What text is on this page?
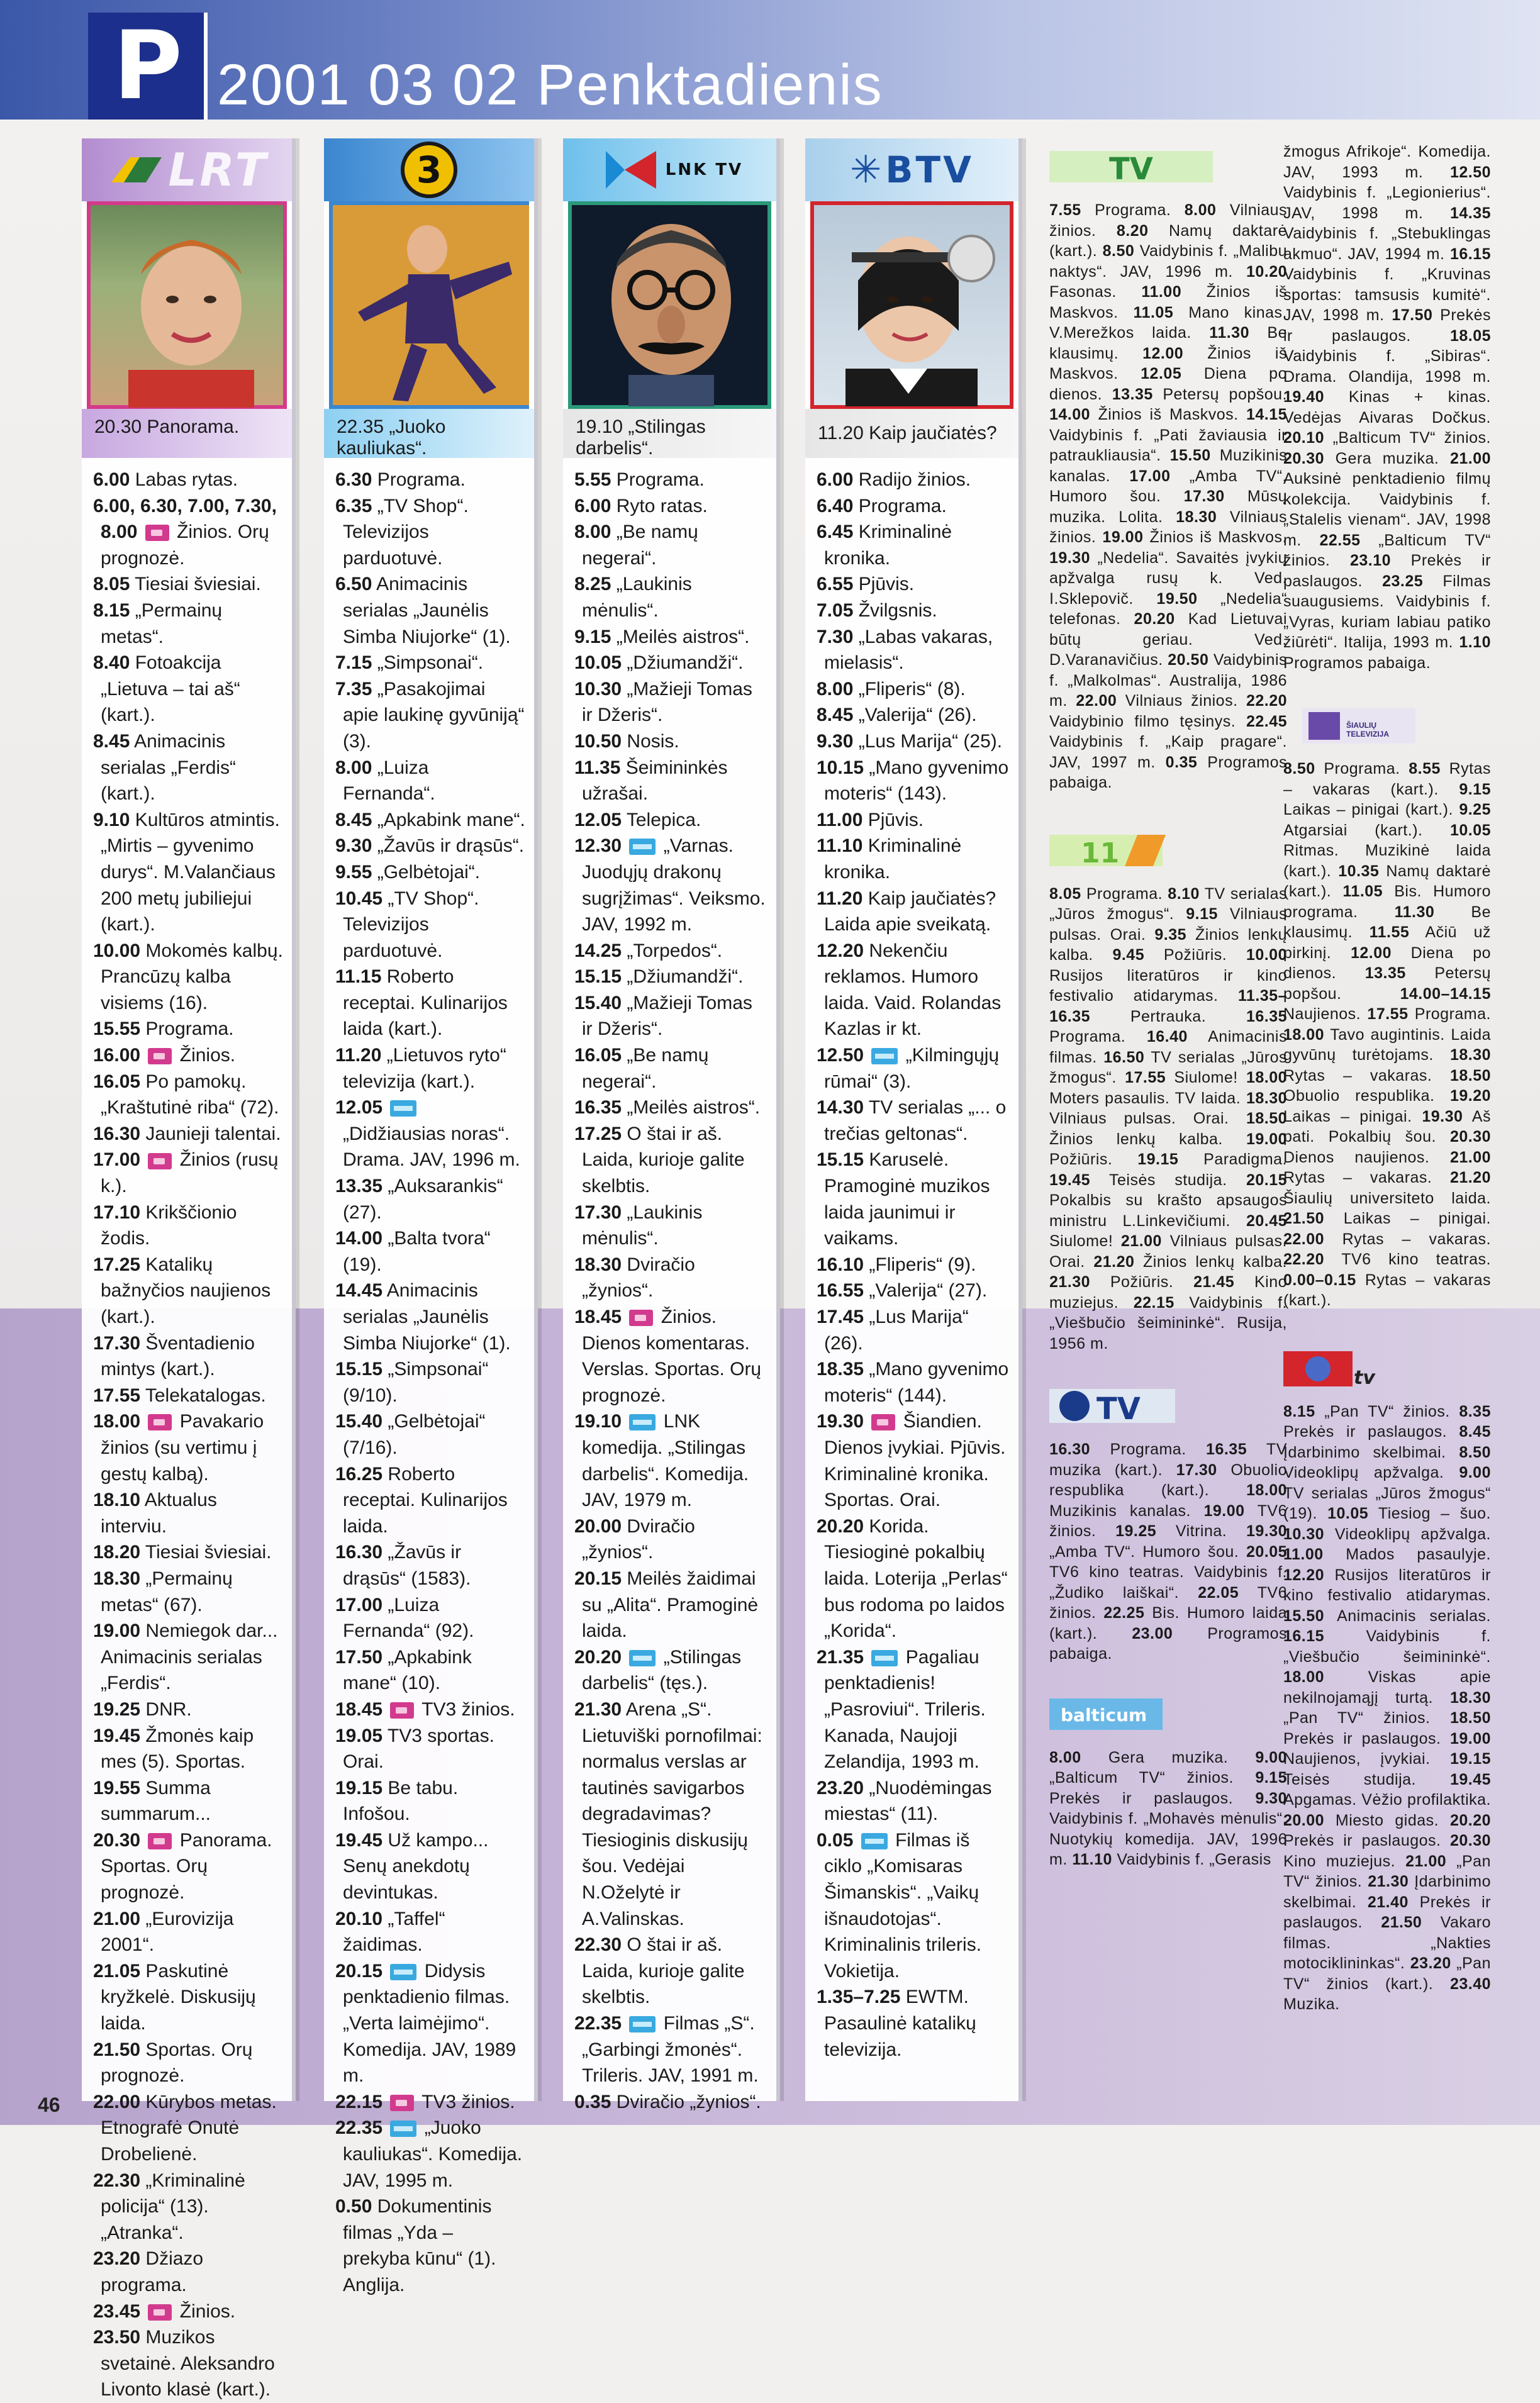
P 2001 03 02 Penktadienis
LRT
20.30 Panorama.
6.00 Labas rytas.
6.00, 6.30, 7.00, 7.30, 8.00  Žinios. Orų prognozė.
8.05 Tiesiai šviesiai.
8.15 „Permainų metas“.
8.40 Fotoakcija „Lietuva – tai aš“ (kart.).
8.45 Animacinis serialas „Ferdis“ (kart.).
9.10 Kultūros atmintis. „Mirtis – gyvenimo durys“. M.Valančiaus 200 metų jubiliejui (kart.).
10.00 Mokomės kalbų. Prancūzų kalba visiems (16).
15.55 Programa.
16.00  Žinios.
16.05 Po pamokų. „Kraštutinė riba“ (72).
16.30 Jaunieji talentai.
17.00  Žinios (rusų k.).
17.10 Krikščionio žodis.
17.25 Katalikų bažnyčios naujienos (kart.).
17.30 Šventadienio mintys (kart.).
17.55 Telekatalogas.
18.00  Pavakario žinios (su vertimu į gestų kalbą).
18.10 Aktualus interviu.
18.20 Tiesiai šviesiai.
18.30 „Permainų metas“ (67).
19.00 Nemiegok dar... Animacinis serialas „Ferdis“.
19.25 DNR.
19.45 Žmonės kaip mes (5). Sportas.
19.55 Summa summarum...
20.30  Panorama. Sportas. Orų prognozė.
21.00 „Eurovizija 2001“.
21.05 Paskutinė kryžkelė. Diskusijų laida.
21.50 Sportas. Orų prognozė.
22.00 Kūrybos metas. Etnografė Onutė Drobelienė.
22.30 „Kriminalinė policija“ (13). „Atranka“.
23.20 Džiazo programa.
23.45  Žinios.
23.50 Muzikos svetainė. Aleksandro Livonto klasė (kart.).
3
22.35 „Juoko kauliukas“.
6.30 Programa.
6.35 „TV Shop“. Televizijos parduotuvė.
6.50 Animacinis serialas „Jaunėlis Simba Niujorke“ (1).
7.15 „Simpsonai“.
7.35 „Pasakojimai apie laukinę gyvūniją“ (3).
8.00 „Luiza Fernanda“.
8.45 „Apkabink mane“.
9.30 „Žavūs ir drąsūs“.
9.55 „Gelbėtojai“.
10.45 „TV Shop“. Televizijos parduotuvė.
11.15 Roberto receptai. Kulinarijos laida (kart.).
11.20 „Lietuvos ryto“ televizija (kart.).
12.05  „Didžiausias noras“. Drama. JAV, 1996 m.
13.35 „Auksarankis“ (27).
14.00 „Balta tvora“ (19).
14.45 Animacinis serialas „Jaunėlis Simba Niujorke“ (1).
15.15 „Simpsonai“ (9/10).
15.40 „Gelbėtojai“ (7/16).
16.25 Roberto receptai. Kulinarijos laida.
16.30 „Žavūs ir drąsūs“ (1583).
17.00 „Luiza Fernanda“ (92).
17.50 „Apkabink mane“ (10).
18.45  TV3 žinios.
19.05 TV3 sportas. Orai.
19.15 Be tabu. Infošou.
19.45 Už kampo... Senų anekdotų devintukas.
20.10 „Taffel“ žaidimas.
20.15  Didysis penktadienio filmas. „Verta laimėjimo“. Komedija. JAV, 1989 m.
22.15  TV3 žinios.
22.35  „Juoko kauliukas“. Komedija. JAV, 1995 m.
0.50 Dokumentinis filmas „Yda – prekyba kūnu“ (1). Anglija.
LNK TV
19.10 „Stilingas darbelis“.
5.55 Programa.
6.00 Ryto ratas.
8.00 „Be namų negerai“.
8.25 „Laukinis mėnulis“.
9.15 „Meilės aistros“.
10.05 „Džiumandži“.
10.30 „Mažieji Tomas ir Džeris“.
10.50 Nosis.
11.35 Šeimininkės užrašai.
12.05 Telepica.
12.30  „Varnas. Juodųjų drakonų sugrįžimas“. Veiksmo. JAV, 1992 m.
14.25 „Torpedos“.
15.15 „Džiumandži“.
15.40 „Mažieji Tomas ir Džeris“.
16.05 „Be namų negerai“.
16.35 „Meilės aistros“.
17.25 O štai ir aš. Laida, kurioje galite skelbtis.
17.30 „Laukinis mėnulis“.
18.30 Dviračio „žynios“.
18.45  Žinios. Dienos komentaras. Verslas. Sportas. Orų prognozė.
19.10  LNK komedija. „Stilingas darbelis“. Komedija. JAV, 1979 m.
20.00 Dviračio „žynios“.
20.15 Meilės žaidimai su „Alita“. Pramoginė laida.
20.20  „Stilingas darbelis“ (tęs.).
21.30 Arena „S“. Lietuviški pornofilmai: normalus verslas ar tautinės savigarbos degradavimas? Tiesioginis diskusijų šou. Vedėjai N.Oželytė ir A.Valinskas.
22.30 O štai ir aš. Laida, kurioje galite skelbtis.
22.35  Filmas „S“. „Garbingi žmonės“. Trileris. JAV, 1991 m.
0.35 Dviračio „žynios“.
✳ BTV
11.20 Kaip jaučiatės?
6.00 Radijo žinios.
6.40 Programa.
6.45 Kriminalinė kronika.
6.55 Pjūvis.
7.05 Žvilgsnis.
7.30 „Labas vakaras, mielasis“.
8.00 „Fliperis“ (8).
8.45 „Valerija“ (26).
9.30 „Lus Marija“ (25).
10.15 „Mano gyvenimo moteris“ (143).
11.00 Pjūvis.
11.10 Kriminalinė kronika.
11.20 Kaip jaučiatės? Laida apie sveikatą.
12.20 Nekenčiu reklamos. Humoro laida. Vaid. Rolandas Kazlas ir kt.
12.50  „Kilmingųjų rūmai“ (3).
14.30 TV serialas „... o trečias geltonas“.
15.15 Karuselė. Pramoginė muzikos laida jaunimui ir vaikams.
16.10 „Fliperis“ (9).
16.55 „Valerija“ (27).
17.45 „Lus Marija“ (26).
18.35 „Mano gyvenimo moteris“ (144).
19.30  Šiandien. Dienos įvykiai. Pjūvis. Kriminalinė kronika. Sportas. Orai.
20.20 Korida. Tiesioginė pokalbių laida. Loterija „Perlas“ bus rodoma po laidos „Korida“.
21.35  Pagaliau penktadienis! „Pasroviui“. Trileris. Kanada, Naujoji Zelandija, 1993 m.
23.20 „Nuodėmingas miestas“ (11).
0.05  Filmas iš ciklo „Komisaras Šimanskis“. „Vaikų išnaudotojas“. Kriminalinis trileris. Vokietija.
1.35–7.25 EWTM. Pasaulinė katalikų televizija.
TV
7.55 Programa. 8.00 Vilniaus žinios. 8.20 Namų daktarė (kart.). 8.50 Vaidybinis f. „Malibu naktys“. JAV, 1996 m. 10.20 Fasonas. 11.00 Žinios iš Maskvos. 11.05 Mano kinas. V.Merežkos laida. 11.30 Be klausimų. 12.00 Žinios iš Maskvos. 12.05 Diena po dienos. 13.35 Petersų popšou. 14.00 Žinios iš Maskvos. 14.15 Vaidybinis f. „Pati žaviausia ir patraukliausia“. 15.50 Muzikinis kanalas. 17.00 „Amba TV“. Humoro šou. 17.30 Mūsų muzika. Lolita. 18.30 Vilniaus žinios. 19.00 Žinios iš Maskvos. 19.30 „Nedelia“. Savaitės įvykių apžvalga rusų k. Ved. I.Sklepovič. 19.50 „Nedelia“ telefonas. 20.20 Kad Lietuvai būtų geriau. Ved. D.Varanavičius. 20.50 Vaidybinis f. „Malkolmas“. Australija, 1986 m. 22.00 Vilniaus žinios. 22.20 Vaidybinio filmo tęsinys. 22.45 Vaidybinis f. „Kaip pragare“. JAV, 1997 m. 0.35 Programos pabaiga.
11
8.05 Programa. 8.10 TV serialas „Jūros žmogus“. 9.15 Vilniaus pulsas. Orai. 9.35 Žinios lenkų kalba. 9.45 Požiūris. 10.00 Rusijos literatūros ir kino festivalio atidarymas. 11.35–16.35 Pertrauka. 16.35 Programa. 16.40 Animacinis filmas. 16.50 TV serialas „Jūros žmogus“. 17.55 Siulome! 18.00 Moters pasaulis. TV laida. 18.30 Vilniaus pulsas. Orai. 18.50 Žinios lenkų kalba. 19.00 Požiūris. 19.15 Paradigma. 19.45 Teisės studija. 20.15 Pokalbis su krašto apsaugos ministru L.Linkevičiumi. 20.45 Siulome! 21.00 Vilniaus pulsas. Orai. 21.20 Žinios lenkų kalba. 21.30 Požiūris. 21.45 Kino muziejus. 22.15 Vaidybinis f. „Viešbučio šeimininkė“. Rusija, 1956 m.
TV
16.30 Programa. 16.35 TV muzika (kart.). 17.30 Obuolio respublika (kart.). 18.00 Muzikinis kanalas. 19.00 TV6 žinios. 19.25 Vitrina. 19.30 „Amba TV“. Humoro šou. 20.05 TV6 kino teatras. Vaidybinis f. „Žudiko laiškai“. 22.05 TV6 žinios. 22.25 Bis. Humoro laida (kart.). 23.00 Programos pabaiga.
balticum
8.00 Gera muzika. 9.00 „Balticum TV“ žinios. 9.15 Prekės ir paslaugos. 9.30 Vaidybinis f. „Mohavės mėnulis“. Nuotykių komedija. JAV, 1996 m. 11.10 Vaidybinis f. „Gerasis
žmogus Afrikoje“. Komedija. JAV, 1993 m. 12.50 Vaidybinis f. „Legionierius“. JAV, 1998 m. 14.35 Vaidybinis f. „Stebuklingas akmuo“. JAV, 1994 m. 16.15 Vaidybinis f. „Kruvinas sportas: tamsusis kumitė“. JAV, 1998 m. 17.50 Prekės ir paslaugos. 18.05 Vaidybinis f. „Sibiras“. Drama. Olandija, 1998 m. 19.40 Kinas + kinas. Vedėjas Aivaras Dočkus. 20.10 „Balticum TV“ žinios. 20.30 Gera muzika. 21.00 Auksinė penktadienio filmų kolekcija. Vaidybinis f. „Stalelis vienam“. JAV, 1998 m. 22.55 „Balticum TV“ žinios. 23.10 Prekės ir paslaugos. 23.25 Filmas suaugusiems. Vaidybinis f. „Vyras, kuriam labiau patiko žiūrėti“. Italija, 1993 m. 1.10 Programos pabaiga.
ŠIAULIŲ TELEVIZIJA
8.50 Programa. 8.55 Rytas – vakaras (kart.). 9.15 Laikas – pinigai (kart.). 9.25 Atgarsiai (kart.). 10.05 Ritmas. Muzikinė laida (kart.). 10.35 Namų daktarė (kart.). 11.05 Bis. Humoro programa. 11.30 Be klausimų. 11.55 Ačiū už pirkinį. 12.00 Diena po dienos. 13.35 Petersų popšou. 14.00–14.15 Naujienos. 17.55 Programa. 18.00 Tavo augintinis. Laida gyvūnų turėtojams. 18.30 Rytas – vakaras. 18.50 Obuolio respublika. 19.20 Laikas – pinigai. 19.30 Aš pati. Pokalbių šou. 20.30 Dienos naujienos. 21.00 Rytas – vakaras. 21.20 Šiaulių universiteto laida. 21.50 Laikas – pinigai. 22.00 Rytas – vakaras. 22.20 TV6 kino teatras. 0.00–0.15 Rytas – vakaras (kart.).
tv
8.15 „Pan TV“ žinios. 8.35 Prekės ir paslaugos. 8.45 Įdarbinimo skelbimai. 8.50 Videoklipų apžvalga. 9.00 TV serialas „Jūros žmogus“ (19). 10.05 Tiesiog – šuo. 10.30 Videoklipų apžvalga. 11.00 Mados pasaulyje. 12.20 Rusijos literatūros ir kino festivalio atidarymas. 15.50 Animacinis serialas. 16.15 Vaidybinis f. „Viešbučio šeimininkė“. 18.00 Viskas apie nekilnojamąjį turtą. 18.30 „Pan TV“ žinios. 18.50 Prekės ir paslaugos. 19.00 Naujienos, įvykiai. 19.15 Teisės studija. 19.45 Apgamas. Vėžio profilaktika. 20.00 Miesto gidas. 20.20 Prekės ir paslaugos. 20.30 Kino muziejus. 21.00 „Pan TV“ žinios. 21.30 Įdarbinimo skelbimai. 21.40 Prekės ir paslaugos. 21.50 Vakaro filmas. „Nakties motociklininkas“. 23.20 „Pan TV“ žinios (kart.). 23.40 Muzika.
46
